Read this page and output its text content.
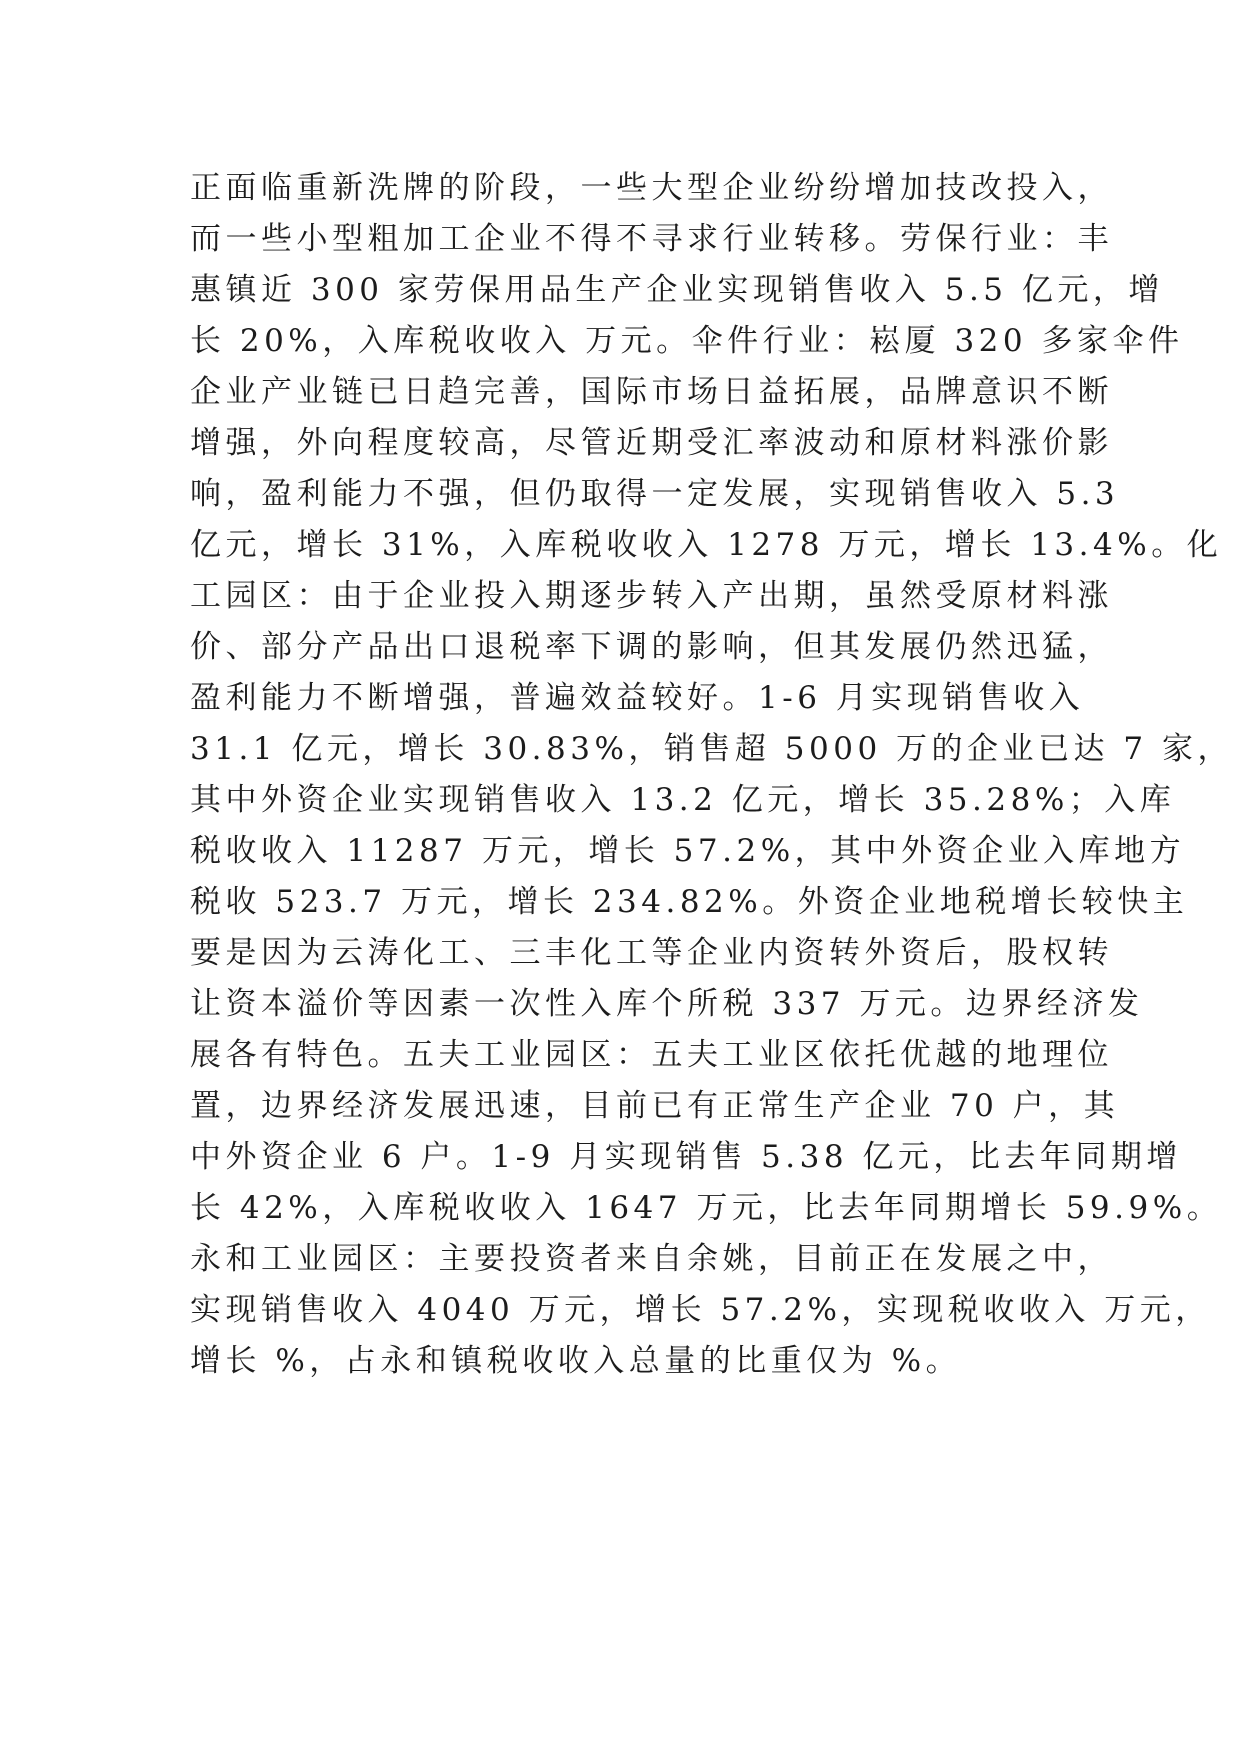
正面临重新洗牌的阶段，一些大型企业纷纷增加技改投入，
而一些小型粗加工企业不得不寻求行业转移。劳保行业：丰
惠镇近 300 家劳保用品生产企业实现销售收入 5.5 亿元，增
长 20%，入库税收收入 万元。伞件行业：崧厦 320 多家伞件
企业产业链已日趋完善，国际市场日益拓展，品牌意识不断
增强，外向程度较高，尽管近期受汇率波动和原材料涨价影
响，盈利能力不强，但仍取得一定发展，实现销售收入 5.3
亿元，增长 31%，入库税收收入 1278 万元，增长 13.4%。化
工园区：由于企业投入期逐步转入产出期，虽然受原材料涨
价、部分产品出口退税率下调的影响，但其发展仍然迅猛，
盈利能力不断增强，普遍效益较好。1-6 月实现销售收入
31.1 亿元，增长 30.83%，销售超 5000 万的企业已达 7 家，
其中外资企业实现销售收入 13.2 亿元，增长 35.28%；入库
税收收入 11287 万元，增长 57.2%，其中外资企业入库地方
税收 523.7 万元，增长 234.82%。外资企业地税增长较快主
要是因为云涛化工、三丰化工等企业内资转外资后，股权转
让资本溢价等因素一次性入库个所税 337 万元。边界经济发
展各有特色。五夫工业园区：五夫工业区依托优越的地理位
置，边界经济发展迅速，目前已有正常生产企业 70 户，其
中外资企业 6 户。1-9 月实现销售 5.38 亿元，比去年同期增
长 42%，入库税收收入 1647 万元，比去年同期增长 59.9%。
永和工业园区：主要投资者来自余姚，目前正在发展之中，
实现销售收入 4040 万元，增长 57.2%，实现税收收入 万元，
增长 %，占永和镇税收收入总量的比重仅为 %。
